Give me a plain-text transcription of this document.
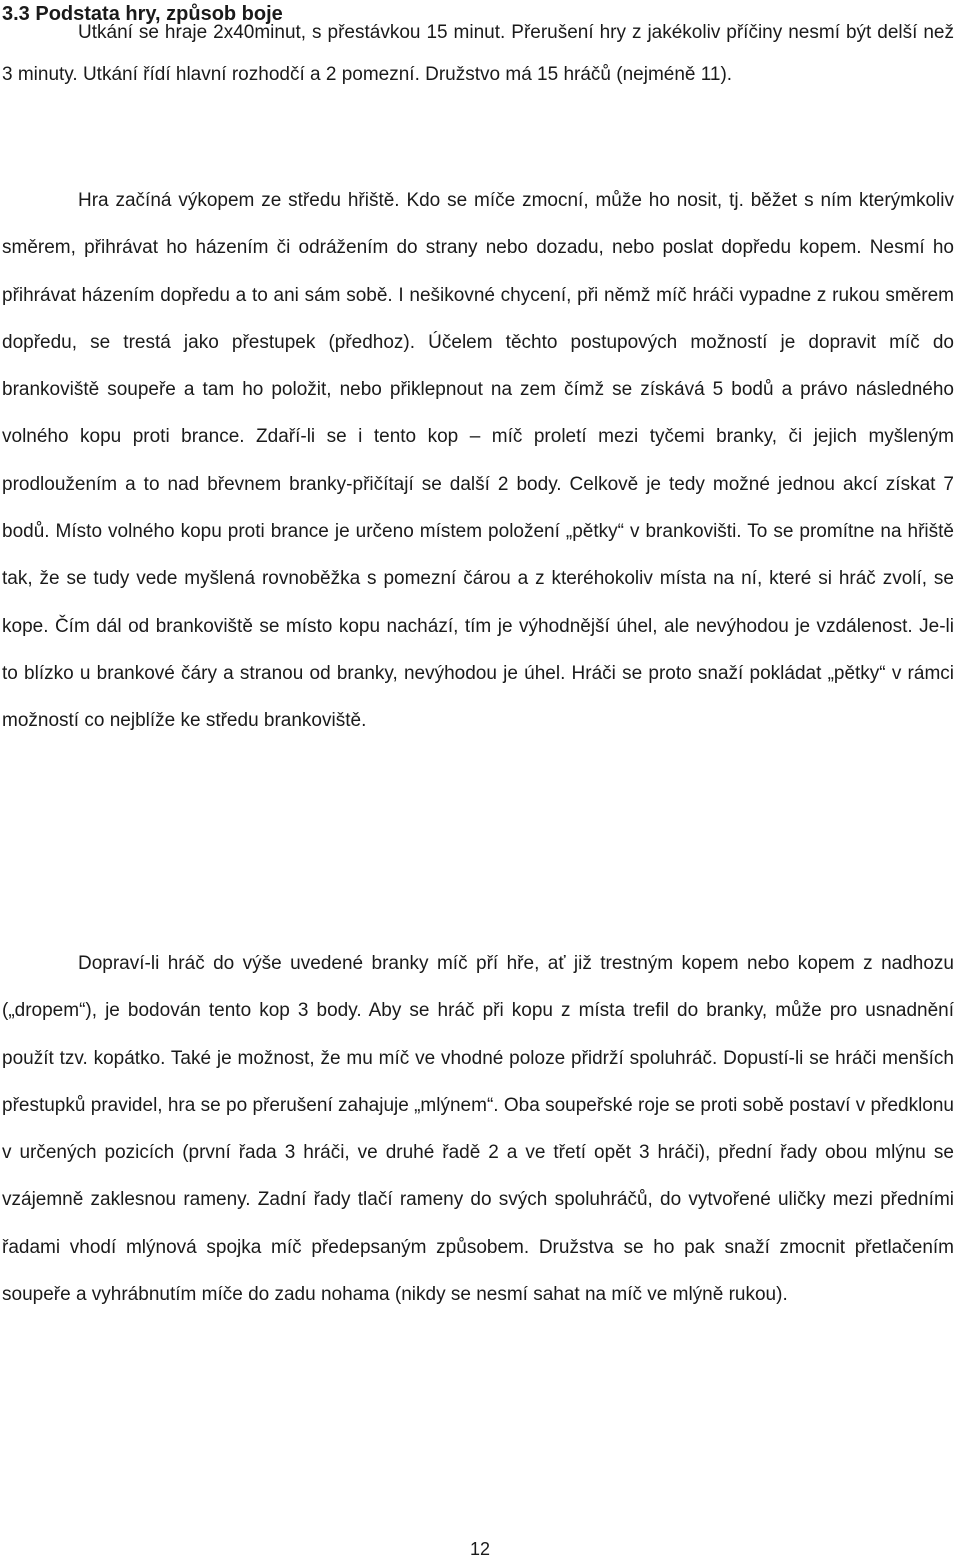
3.3 Podstata hry, způsob boje

Utkání se hraje 2x40minut, s přestávkou 15 minut. Přerušení hry z jakékoliv příčiny nesmí být delší než 3 minuty. Utkání řídí hlavní rozhodčí a 2 pomezní. Družstvo má 15 hráčů (nejméně 11).

Hra začíná výkopem ze středu hřiště. Kdo se míče zmocní, může ho nosit, tj. běžet s ním kterýmkoliv směrem, přihrávat ho házením či odrážením do strany nebo dozadu, nebo poslat dopředu kopem. Nesmí ho přihrávat házením dopředu a to ani sám sobě. I nešikovné chycení, při němž míč hráči vypadne z rukou směrem dopředu, se trestá jako přestupek (předhoz). Účelem těchto postupových možností je dopravit míč do brankoviště soupeře a tam ho položit, nebo přiklepnout na zem čímž se získává 5 bodů a právo následného volného kopu proti brance. Zdaří-li se i tento kop – míč proletí mezi tyčemi branky, či jejich myšleným prodloužením a to nad břevnem branky-přičítají se další 2 body. Celkově je tedy možné jednou akcí získat 7 bodů. Místo volného kopu proti brance je určeno místem položení „pětky“ v brankovišti. To se promítne na hřiště tak, že se tudy vede myšlená rovnoběžka s pomezní čárou a z kteréhokoliv místa na ní, které si hráč zvolí, se kope. Čím dál od brankoviště se místo kopu nachází, tím je výhodnější úhel, ale nevýhodou je vzdálenost. Je-li to blízko u brankové čáry a stranou od branky, nevýhodou je úhel. Hráči se proto snaží pokládat „pětky“ v rámci možností co nejblíže ke středu brankoviště.

Dopraví-li hráč do výše uvedené branky míč pří hře, ať již trestným kopem nebo kopem z nadhozu („dropem“), je bodován tento kop 3 body. Aby se hráč při kopu z místa trefil do branky, může pro usnadnění použít tzv. kopátko. Také je možnost, že mu míč ve vhodné poloze přidrží spoluhráč. Dopustí-li se hráči menších přestupků pravidel, hra se po přerušení zahajuje „mlýnem“. Oba soupeřské roje se proti sobě postaví v předklonu v určených pozicích (první řada 3 hráči, ve druhé řadě 2 a ve třetí opět 3 hráči), přední řady obou mlýnu se vzájemně zaklesnou rameny. Zadní řady tlačí rameny do svých spoluhráčů, do vytvořené uličky mezi předními řadami vhodí mlýnová spojka míč předepsaným způsobem. Družstva se ho pak snaží zmocnit přetlačením soupeře a vyhrábnutím míče do zadu nohama (nikdy se nesmí sahat na míč ve mlýně rukou).

12
